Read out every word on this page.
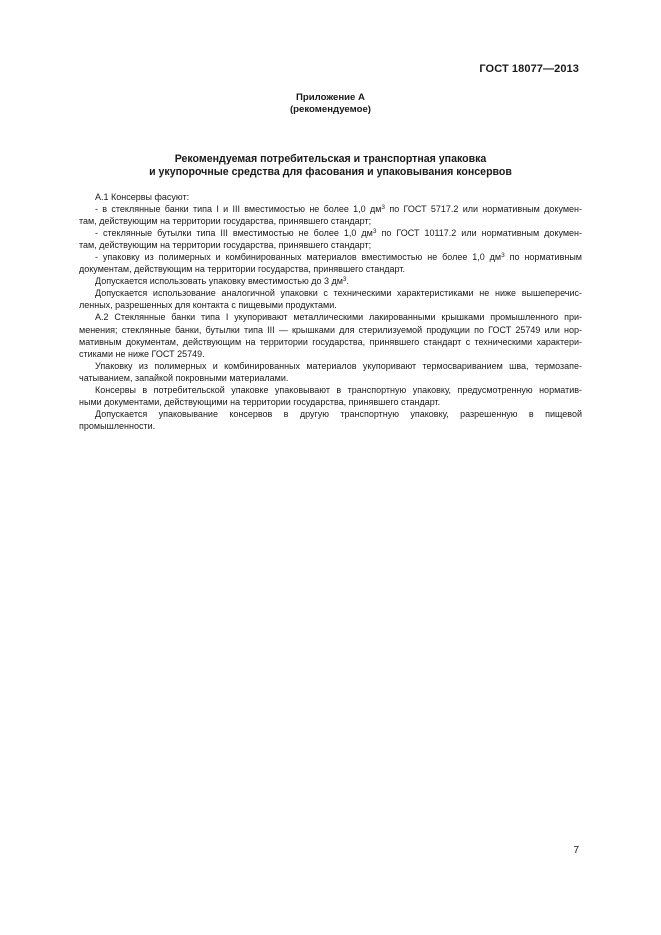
ГОСТ 18077—2013
Приложение А
(рекомендуемое)
Рекомендуемая потребительская и транспортная упаковка
и укупорочные средства для фасования и упаковывания консервов
А.1 Консервы фасуют:
- в стеклянные банки типа I и III вместимостью не более 1,0 $дм^3$ по ГОСТ 5717.2 или нормативным докумен-
там, действующим на территории государства, принявшего стандарт;
- стеклянные бутылки типа III вместимостью не более 1,0 $дм^3$ по ГОСТ 10117.2 или нормативным докумен-
там, действующим на территории государства, принявшего стандарт;
- упаковку из полимерных и комбинированных материалов вместимостью не более 1,0 $дм^3$ по нормативным
документам, действующим на территории государства, принявшего стандарт.
Допускается использовать упаковку вместимостью до 3 $дм^3$.
Допускается использование аналогичной упаковки с техническими характеристиками не ниже вышеперечис-
ленных, разрешенных для контакта с пищевыми продуктами.
А.2 Стеклянные банки типа I укупоривают металлическими лакированными крышками промышленного при-
менения; стеклянные банки, бутылки типа III — крышками для стерилизуемой продукции по ГОСТ 25749 или нор-
мативным документам, действующим на территории государства, принявшего стандарт с техническими характери-
стиками не ниже ГОСТ 25749.
Упаковку из полимерных и комбинированных материалов укупоривают термосвариванием шва, термозапе-
чатыванием, запайкой покровными материалами.
Консервы в потребительской упаковке упаковывают в транспортную упаковку, предусмотренную норматив-
ными документами, действующими на территории государства, принявшего стандарт.
Допускается упаковывание консервов в другую транспортную упаковку, разрешенную в пищевой
промышленности.
7
